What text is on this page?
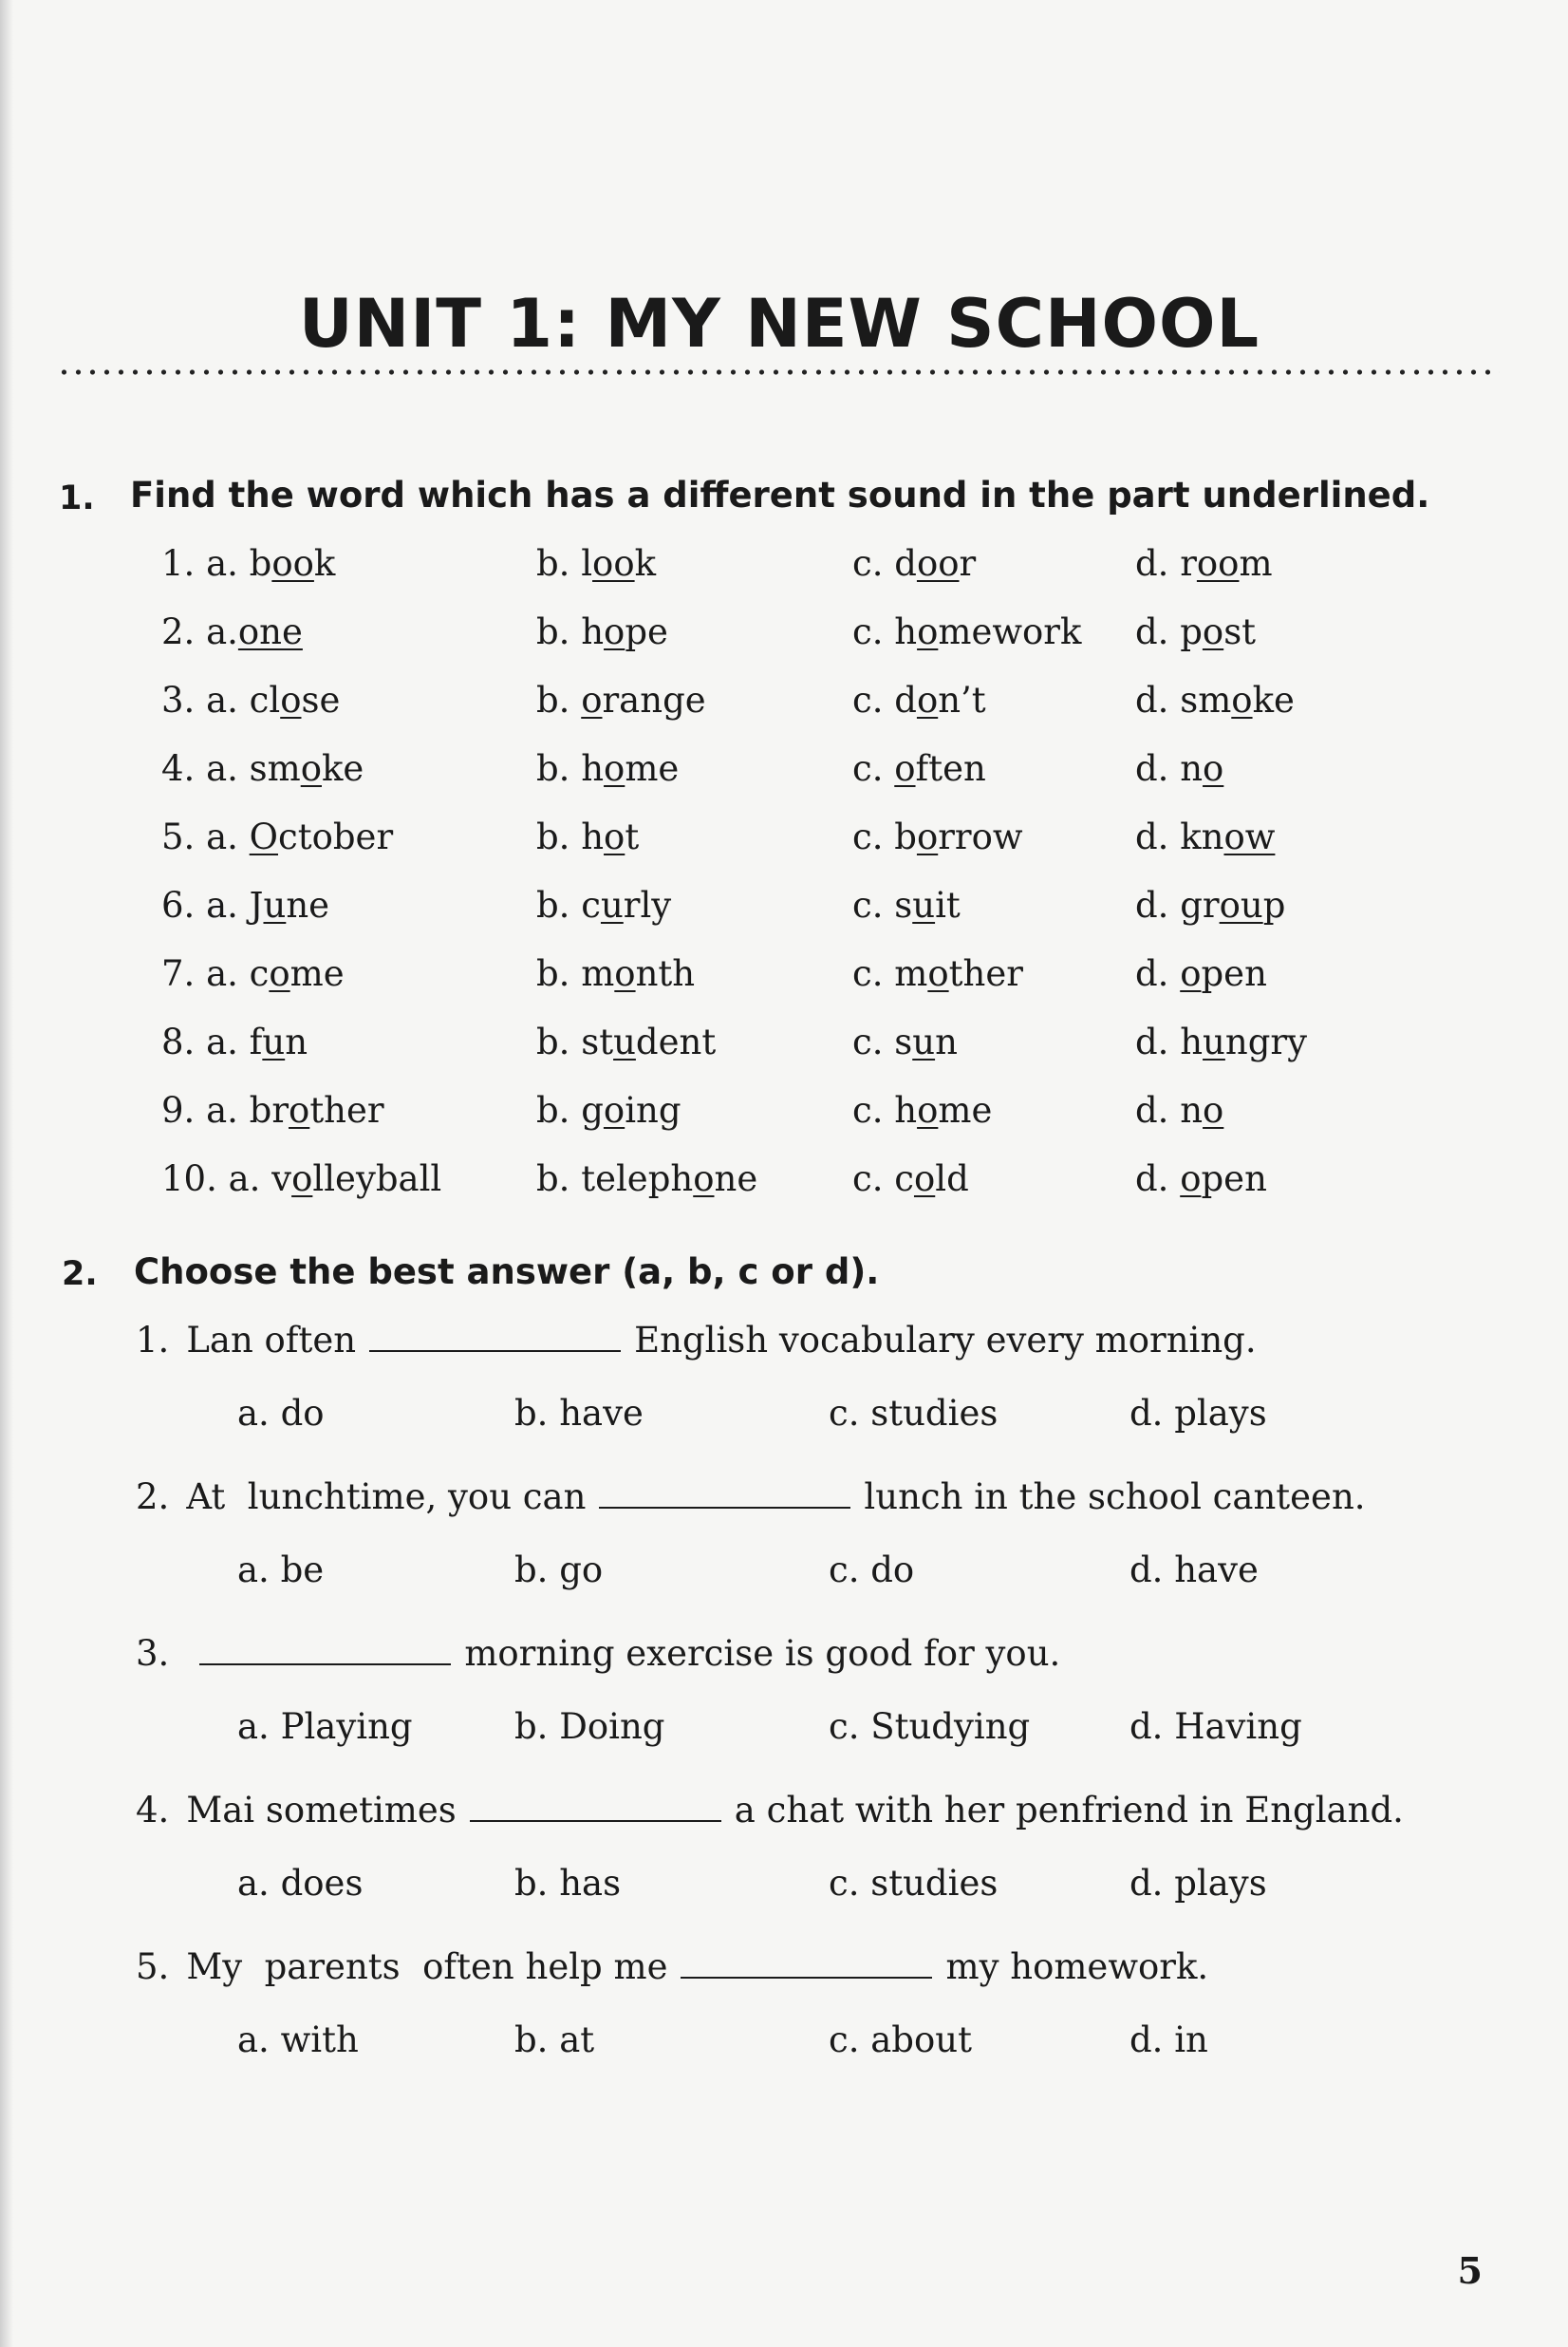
UNIT 1: MY NEW SCHOOL
1. Find the word which has a different sound in the part underlined.
1. a. book	b. look	c. door	d. room
2. a.one	b. hope	c. homework d. post
3. a. close	b. orange	c. don’t	d. smoke
4. a. smoke	b. home	c. often	d. no
5. a. October	b. hot	c. borrow	d. know
6. a. June	b. curly	c. suit	d. group
7. a. come	b. month	c. mother	d. open
8. a. fun	b. student	c. sun	d. hungry
9. a. brother	b. going	c. home	d. no
10. a. volleyball	b. telephone	c. cold	d. open
2. Choose the best answer (a, b, c or d).
1. Lan often	English vocabulary every morning.
a. do	b. have	c. studies	d. plays
2. At  lunchtime, you can	lunch in the school canteen.
a. be	b. go	c. do	d. have
3.	morning exercise is good for you.
a. Playing	b. Doing	c. Studying	d. Having
4. Mai sometimes	a chat with her penfriend in England.
a. does	b. has	c. studies	d. plays
5. My  parents  often help me	my homework.
a. with	b. at	c. about	d. in
5
